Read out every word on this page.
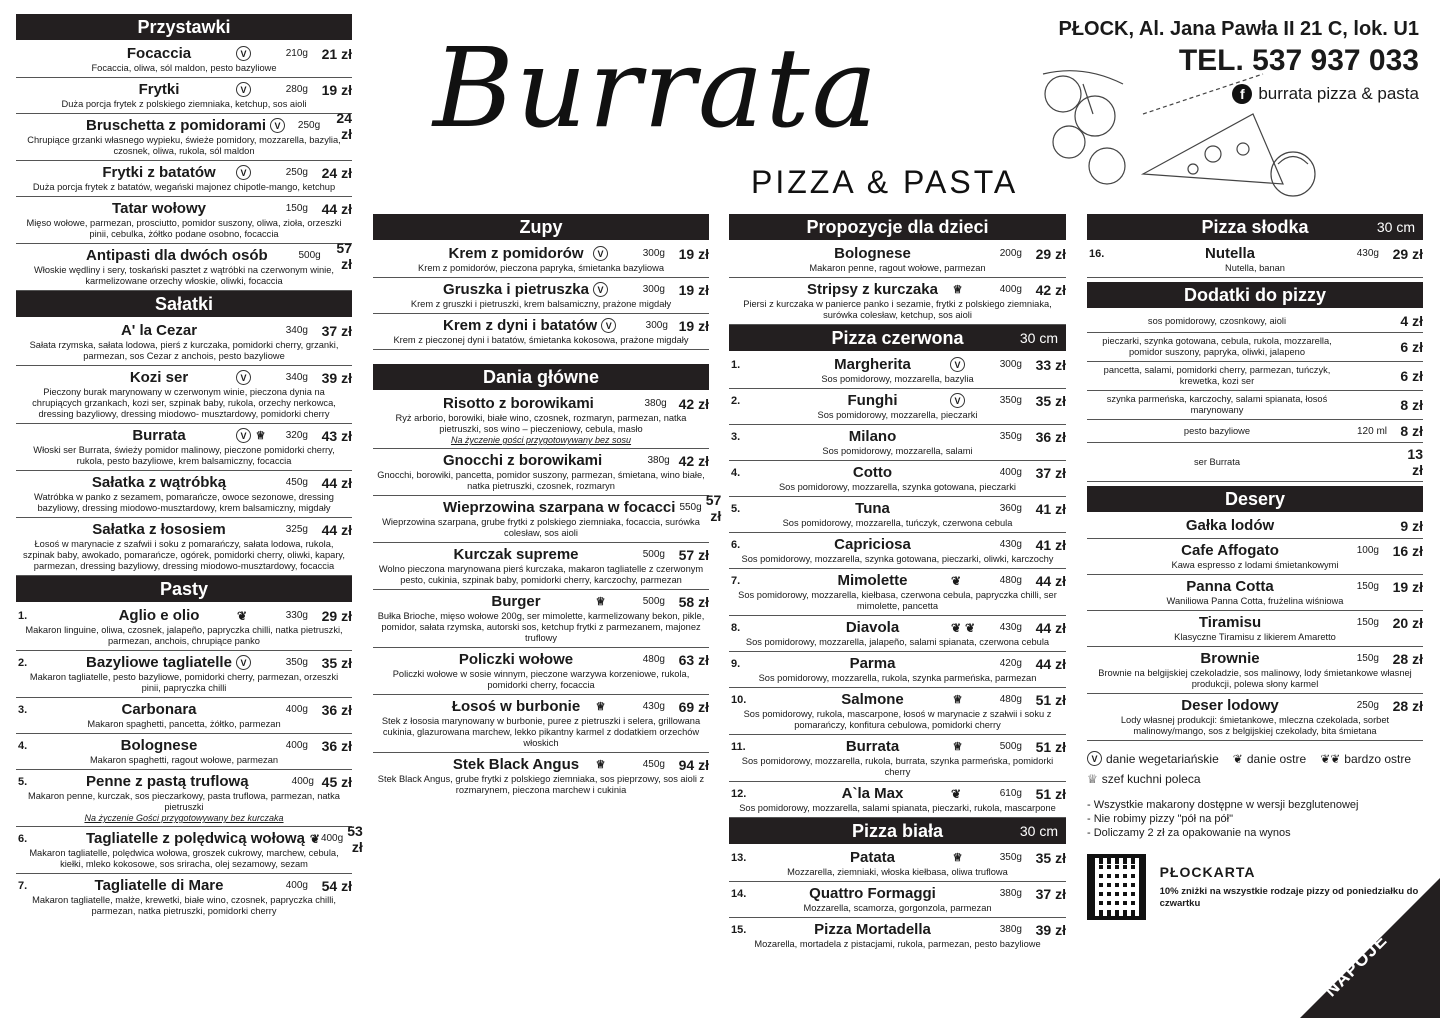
Burrata
PIZZA & PASTA
PŁOCK, Al. Jana Pawła II 21 C, lok. U1
TEL. 537 937 033
f burrata pizza & pasta
Przystawki
Focaccia	V	210g 21 zł
Focaccia, oliwa, sól maldon, pesto bazyliowe
Frytki	V	280g 19 zł
Duża porcja frytek z polskiego ziemniaka, ketchup, sos aioli
Bruschetta z pomidorami V	250g	24 zł
Chrupiące grzanki własnego wypieku, świeże pomidory, mozzarella, bazylia, czosnek, oliwa, rukola, sól maldon
Frytki z batatów	V	250g 24 zł
Duża porcja frytek z batatów, wegański majonez chipotle-mango, ketchup
Tatar wołowy	150g 44 zł
Mięso wołowe, parmezan, prosciutto, pomidor suszony, oliwa, zioła, orzeszki pinii, cebulka, żółtko podane osobno, focaccia
Antipasti dla dwóch osób	500g	57 zł
Włoskie wędliny i sery, toskański pasztet z wątróbki na czerwonym winie, karmelizowane orzechy włoskie, oliwki, focaccia
Sałatki
A' la Cezar	340g 37 zł
Sałata rzymska, sałata lodowa, pierś z kurczaka, pomidorki cherry, grzanki, parmezan, sos Cezar z anchois, pesto bazyliowe
Kozi ser	V	340g 39 zł
Pieczony burak marynowany w czerwonym winie, pieczona dynia na chrupiących grzankach, kozi ser, szpinak baby, rukola, orzechy nerkowca, dressing bazyliowy, dressing miodowo- musztardowy, pomidorki cherry
Burrata	V ♕	320g 43 zł
Włoski ser Burrata, świeży pomidor malinowy, pieczone pomidorki cherry, rukola, pesto bazyliowe, krem balsamiczny, focaccia
Sałatka z wątróbką	450g 44 zł
Watróbka w panko z sezamem, pomarańcze, owoce sezonowe, dressing bazyliowy, dressing miodowo-musztardowy, krem balsamiczny, migdały
Sałatka z łososiem	325g 44 zł
Łosoś w marynacie z szafwii i soku z pomarańczy, sałata lodowa, rukola, szpinak baby, awokado, pomarańcze, ogórek, pomidorki cherry, oliwki, kapary, parmezan, dressing bazyliowy, dressing miodowo-musztardowy, focaccia
Pasty
1.	Aglio e olio	❦	330g 29 zł
Makaron linguine, oliwa, czosnek, jalapeño, papryczka chilli, natka pietruszki, parmezan, anchois, chrupiące panko
2.	Bazyliowe tagliatelle V	350g 35 zł
Makaron tagliatelle, pesto bazyliowe, pomidorki cherry, parmezan, orzeszki pinii, papryczka chilli
3.	Carbonara	400g 36 zł
Makaron spaghetti, pancetta, żółtko, parmezan
4.	Bolognese	400g 36 zł
Makaron spaghetti, ragout wołowe, parmezan
5.	Penne z pastą truflową	400g 45 zł
Makaron penne, kurczak, sos pieczarkowy, pasta truflowa, parmezan, natka pietruszki
Na życzenie Gości przygotowywany bez kurczaka
6.	Tagliatelle z polędwicą wołową ❦ 400g 53 zł
Makaron tagliatelle, polędwica wołowa, groszek cukrowy, marchew, cebula, kiełki, mleko kokosowe, sos sriracha, olej sezamowy, sezam
7.	Tagliatelle di Mare	400g 54 zł
Makaron tagliatelle, małże, krewetki, białe wino, czosnek, papryczka chilli, parmezan, natka pietruszki, pomidorki cherry
Zupy
Krem z pomidorów	V	300g 19 zł
Krem z pomidorów, pieczona papryka, śmietanka bazyliowa
Gruszka i pietruszka V	300g 19 zł
Krem z gruszki i pietruszki, krem balsamiczny, prażone migdały
Krem z dyni i batatów V	300g 19 zł
Krem z pieczonej dyni i batatów, śmietanka kokosowa, prażone migdały
Dania główne
Risotto z borowikami	380g 42 zł
Ryż arborio, borowiki, białe wino, czosnek, rozmaryn, parmezan, natka pietruszki, sos wino – pieczeniowy, cebula, masło
Na życzenie gości przygotowywany bez sosu
Gnocchi z borowikami	380g 42 zł
Gnocchi, borowiki, pancetta, pomidor suszony, parmezan, śmietana, wino białe, natka pietruszki, czosnek, rozmaryn
Wieprzowina szarpana w focacci 550g 57 zł
Wieprzowina szarpana, grube frytki z polskiego ziemniaka, focaccia, surówka colesław, sos aioli
Kurczak supreme	500g 57 zł
Wolno pieczona marynowana pierś kurczaka, makaron tagliatelle z czerwonym pesto, cukinia, szpinak baby, pomidorki cherry, karczochy, parmezan
Burger	♕	500g 58 zł
Bułka Brioche, mięso wołowe 200g, ser mimolette, karmelizowany bekon, pikle, pomidor, sałata rzymska, autorski sos, ketchup frytki z parmezanem, majonez truflowy
Policzki wołowe	480g 63 zł
Policzki wołowe w sosie winnym, pieczone warzywa korzeniowe, rukola, pomidorki cherry, focaccia
Łosoś w burbonie	♕	430g 69 zł
Stek z łososia marynowany w burbonie, puree z pietruszki i selera, grillowana cukinia, glazurowana marchew, lekko pikantny karmel z dodatkiem orzechów włoskich
Stek Black Angus	♕	450g 94 zł
Stek Black Angus, grube frytki z polskiego ziemniaka, sos pieprzowy, sos aioli z rozmarynem, pieczona marchew i cukinia
Propozycje dla dzieci
Bolognese	200g 29 zł
Makaron penne, ragout wołowe, parmezan
Stripsy z kurczaka	♕	400g 42 zł
Piersi z kurczaka w panierce panko i sezamie, frytki z polskiego ziemniaka, surówka colesław, ketchup, sos aioli
Pizza czerwona	30 cm
1.	Margherita	V	300g 33 zł
Sos pomidorowy, mozzarella, bazylia
2.	Funghi	V	350g 35 zł
Sos pomidorowy, mozzarella, pieczarki
3.	Milano	350g 36 zł
Sos pomidorowy, mozzarella, salami
4.	Cotto	400g 37 zł
Sos pomidorowy, mozzarella, szynka gotowana, pieczarki
5.	Tuna	360g 41 zł
Sos pomidorowy, mozzarella, tuńczyk, czerwona cebula
6.	Capriciosa	430g 41 zł
Sos pomidorowy, mozzarella, szynka gotowana, pieczarki, oliwki, karczochy
7.	Mimolette	❦	480g 44 zł
Sos pomidorowy, mozzarella, kiełbasa, czerwona cebula, papryczka chilli, ser mimolette, pancetta
8.	Diavola	❦ ❦	430g 44 zł
Sos pomidorowy, mozzarella, jalapeño, salami spianata, czerwona cebula
9.	Parma	420g 44 zł
Sos pomidorowy, mozzarella, rukola, szynka parmeńska, parmezan
10.	Salmone	♕	480g 51 zł
Sos pomidorowy, rukola, mascarpone, łosoś w marynacie z szałwii i soku z pomarańczy, konfitura cebulowa, pomidorki cherry
11.	Burrata	♕	500g 51 zł
Sos pomidorowy, mozzarella, rukola, burrata, szynka parmeńska, pomidorki cherry
12.	A`la Max	❦	610g 51 zł
Sos pomidorowy, mozzarella, salami spianata, pieczarki, rukola, mascarpone
Pizza biała	30 cm
13.	Patata	♕	350g 35 zł
Mozzarella, ziemniaki, włoska kiełbasa, oliwa truflowa
14.	Quattro Formaggi	380g 37 zł
Mozzarella, scamorza, gorgonzola, parmezan
15.	Pizza Mortadella	380g 39 zł
Mozarella, mortadela z pistacjami, rukola, parmezan, pesto bazyliowe
Pizza słodka	30 cm
16.	Nutella	430g 29 zł
Nutella, banan
Dodatki do pizzy
sos pomidorowy, czosnkowy, aioli	4 zł
pieczarki, szynka gotowana, cebula, rukola, mozzarella, pomidor suszony, papryka, oliwki, jalapeno	6 zł
pancetta, salami, pomidorki cherry, parmezan, tuńczyk, krewetka, kozi ser	6 zł
szynka parmeńska, karczochy, salami spianata, łosoś marynowany	8 zł
pesto bazyliowe	120 ml 8 zł
ser Burrata	13 zł
Desery
Gałka lodów	9 zł
Cafe Affogato	100g 16 zł
Kawa espresso z lodami śmietankowymi
Panna Cotta	150g 19 zł
Waniliowa Panna Cotta, frużelina wiśniowa
Tiramisu	150g 20 zł
Klasyczne Tiramisu z likierem Amaretto
Brownie	150g 28 zł
Brownie na belgijskiej czekoladzie, sos malinowy, lody śmietankowe własnej produkcji, polewa słony karmel
Deser lodowy	250g 28 zł
Lody własnej produkcji: śmietankowe, mleczna czekolada, sorbet malinowy/mango, sos z belgijskiej czekolady, bita śmietana
V danie wegetariańskie ❦ danie ostre ❦❦ bardzo ostre
♕ szef kuchni poleca
- Wszystkie makarony dostępne w wersji bezglutenowej
- Nie robimy pizzy "pół na pół"
- Doliczamy 2 zł za opakowanie na wynos
PŁOCKARTA
10% zniżki na wszystkie rodzaje pizzy od poniedziałku do czwartku
NAPOJE
